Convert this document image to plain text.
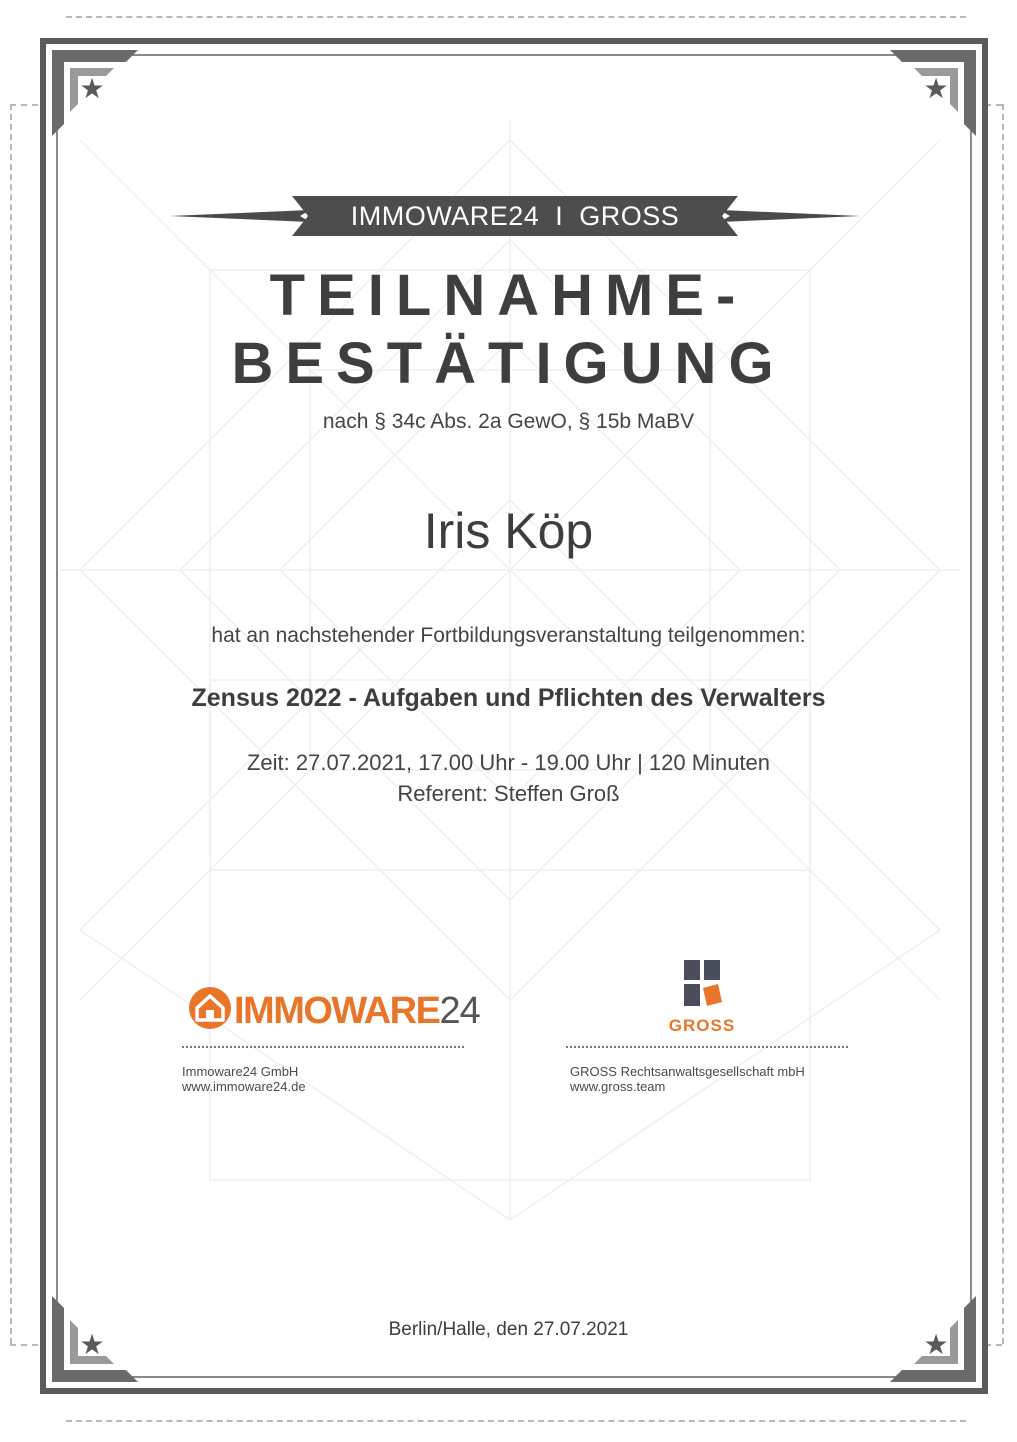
★	★
★	★
IMMOWARE24  I  GROSS
TEILNAHME-
BESTÄTIGUNG
nach § 34c Abs. 2a GewO, § 15b MaBV
Iris Köp
hat an nachstehender Fortbildungsveranstaltung teilgenommen:
Zensus 2022 - Aufgaben und Pflichten des Verwalters
Zeit: 27.07.2021, 17.00 Uhr - 19.00 Uhr | 120 Minuten
Referent: Steffen Groß
IMMOWARE24	GROSS
Immoware24 GmbH
www.immoware24.de
GROSS Rechtsanwaltsgesellschaft mbH
www.gross.team
Berlin/Halle, den 27.07.2021
